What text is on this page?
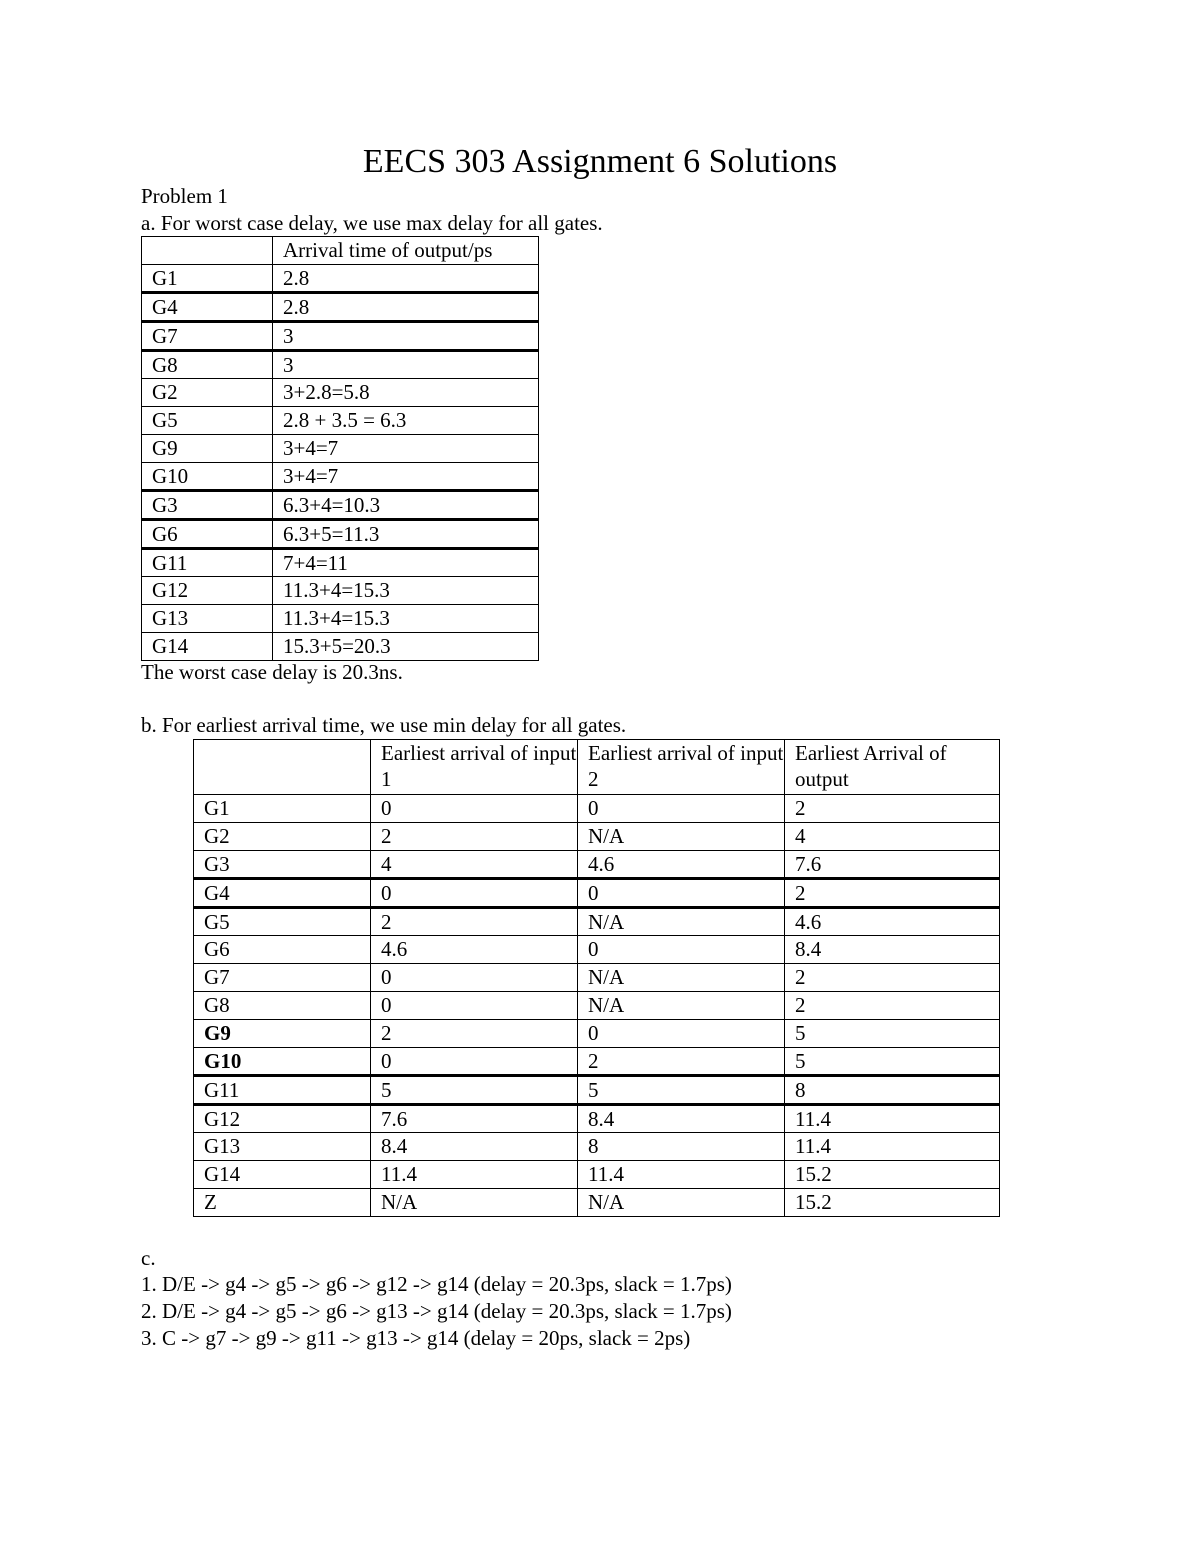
EECS 303 Assignment 6 Solutions
Problem 1
a. For worst case delay, we use max delay for all gates.
	Arrival time of output/ps
G1	2.8
G4	2.8
G7	3
G8	3
G2	3+2.8=5.8
G5	2.8 + 3.5 = 6.3
G9	3+4=7
G10	3+4=7
G3	6.3+4=10.3
G6	6.3+5=11.3
G11	7+4=11
G12	11.3+4=15.3
G13	11.3+4=15.3
G14	15.3+5=20.3
The worst case delay is 20.3ns.
b. For earliest arrival time, we use min delay for all gates.
	Earliest arrival of input 1	Earliest arrival of input 2	Earliest Arrival of output
G1	0	0	2
G2	2	N/A	4
G3	4	4.6	7.6
G4	0	0	2
G5	2	N/A	4.6
G6	4.6	0	8.4
G7	0	N/A	2
G8	0	N/A	2
G9	2	0	5
G10	0	2	5
G11	5	5	8
G12	7.6	8.4	11.4
G13	8.4	8	11.4
G14	11.4	11.4	15.2
Z	N/A	N/A	15.2
c.
1. D/E -> g4 -> g5 -> g6 -> g12 -> g14 (delay = 20.3ps, slack = 1.7ps)
2. D/E -> g4 -> g5 -> g6 -> g13 -> g14 (delay = 20.3ps, slack = 1.7ps)
3. C -> g7 -> g9 -> g11 -> g13 -> g14 (delay = 20ps, slack = 2ps)
